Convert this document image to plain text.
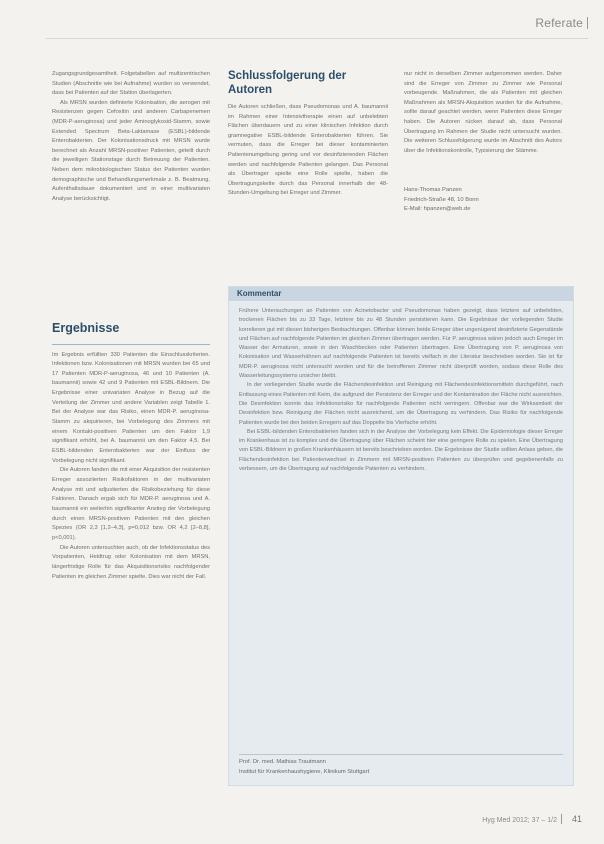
Referate

Zugangsgrundgesamtheit. Folgetabellen auf multizentrischen Studien (Abschnitte wie bei Aufnahme) wurden so verwendet, dass bei Patienten auf der Station überlagerten.

Als MRSN wurden definierte Kolonisation, die aerogen mit Resistenzen gegen Cefoxitin und anderen Carbapenemen (MDR-P-aeruginosa) und jeder Aminoglykosid-Stamm, sowie Extended Spectrum Beta-Laktamase (ESBL)-bildende Enterobakterien. Der Kolonisationsdruck mit MRSN wurde berechnet als Anzahl MRSN-positiver Patienten, geteilt durch die jeweiligen Stationstage durch Betreuung der Patienten. Neben dem mikrobiologischen Status der Patienten wurden demographische und Behandlungsmerkmale z. B. Beatmung, Aufenthaltsdauer dokumentiert und in einer multivariaten Analyse berücksichtigt.

Ergebnisse

Im Ergebnis erfüllten 330 Patienten die Einschlusskriterien. Infektionen bzw. Kolonisationen mit MRSN wurden bei 65 und 17 Patienten MDR-P-aeruginosa, 46 und 10 Patienten (A. baumannii) sowie 42 und 9 Patienten mit ESBL-Bildnern. Die Ergebnisse einer univariaten Analyse in Bezug auf die Verteilung der Zimmer und andere Variablen zeigt Tabelle 1. Bei der Analyse war das Risiko, einen MDR-P. aeruginosa-Stamm zu akquirieren, bei Vorbelegung des Zimmers mit einem Kontakt-positiven Patienten um den Faktor 1,9 signifikant erhöht, bei A. baumannii um den Faktor 4,5. Bei ESBL-bildenden Enterobakterien war der Einfluss der Vorbelegung nicht signifikant.

Die Autoren fanden die mit einer Akquisition der resistenten Erreger assoziierten Risikofaktoren in der multivariaten Analyse mit und adjustierten die Risikobeziehung für diese Faktoren. Danach ergab sich für MDR-P. aeruginosa und A. baumannii ein weiterhin signifikanter Anstieg der Vorbelegung durch einen MRSN-positiven Patienten mit den gleichen Spezies (OR 2,3 [1,2–4,3], p=0,012 bzw. OR 4,2 [2–8,8], p<0,001).

Die Autoren untersuchten auch, ob der Infektionsstatus des Vorpatienten, Heldtrug oder Kolonisation mit dem MRSN, längerfristige Rolle für das Akquisitionsrisiko nachfolgender Patienten im gleichen Zimmer spielte. Dies war nicht der Fall.

Schlussfolgerung der Autoren

Die Autoren schließen, dass Pseudomonas und A. baumannii im Rahmen einer Intensivtherapie einen auf unbelebten Flächen überdauern und zu einer klinischen Infektion durch gramnegative ESBL-bildende Enterobakterien führen. Sie vermuten, dass die Erreger bei dieser kontaminierten Patientenumgebung gering und vor desinfizierenden Flächen werden und nachfolgende Patienten gelangen. Das Personal als Übertrager spielte eine Rolle spielte, haben die Übertragungskette durch das Personal innerhalb der 48-Stunden-Umgebung bei Erreger und Zimmer.

nur nicht in derselben Zimmer aufgenommen werden. Daher sind die Erreger von Zimmer zu Zimmer wie Personal vorbeugende. Maßnahmen, die als Patienten mit gleichen Maßnahmen als MRSN-Akquisition wurden für die Aufnahme, sollte darauf geachtet werden, wenn Patienten diese Erreger haben. Die Autoren rücken darauf ab, dass Personal Übertragung im Rahmen der Studie nicht untersucht wurden. Die weiteren Schlussfolgerung wurde im Abschnitt des Autors über die Infektionskontrolle, Typisierung der Stämme.

Hans-Thomas Panzen
Friedrich-Straße 48, 10 Bonn
E-Mail: hpanzen@web.de
Kommentar

Frühere Untersuchungen an Patienten von Acinetobacter und Pseudomonas haben gezeigt, dass letztere auf unbelebten, trockenen Flächen bis zu 33 Tage, letztere bis zu 48 Stunden persistieren kann. Die Ergebnisse der vorliegenden Studie korrelieren gut mit diesen bisherigen Beobachtungen. Offenbar können beide Erreger über ungenügend desinfizierte Gegenstände und Flächen auf nachfolgende Patienten im gleichen Zimmer übertragen werden. Für P. aeruginosa wären jedoch auch Erreger im Wasser der Armaturen, sowie in den Waschbecken oder Patienten übertragen. Eine Übertragung von P. aeruginosa von Kolonisation und Wasserhähnen auf nachfolgende Patienten ist bereits vielfach in der Literatur beschrieben worden. Sie ist für MDR-P. aeruginosa nicht untersucht worden und für die betroffenen Zimmer nicht überprüft worden, sodass diese Rolle des Wasserleitungssystems unsicher bleibt.

In der vorliegenden Studie wurde die Flächendesinfektion und Reinigung mit Flächendesinfektionsmitteln durchgeführt, nach Entlassung eines Patienten mit Keim, die aufgrund der Persistenz der Erreger und der Kontamination der Fläche nicht ausreichten. Die Desinfektion konnte das Infektionsrisiko für nachfolgende Patienten nicht verringern. Offenbar war die Wirksamkeit der Desinfektion bzw. Reinigung der Flächen nicht ausreichend, um die Übertragung zu verhindern. Das Risiko für nachfolgende Patienten wurde bei den beiden Erregern auf das Doppelte bis Vierfache erhöht.

Bei ESBL-bildenden Enterobakterien fanden sich in der Analyse der Vorbelegung kein Effekt. Die Epidemiologie dieser Erreger im Krankenhaus ist zu komplex und die Übertragung über Flächen scheint hier eine geringere Rolle zu spielen. Eine Übertragung von ESBL-Bildnern in großen Krankenhäusern ist bereits beschrieben worden. Die Ergebnisse der Studie sollten Anlass geben, die Flächendesinfektion bei Patientenwechsel in Zimmern mit MRSN-positiven Patienten zu überprüfen und gegebenenfalls zu verbessern, um die Übertragung auf nachfolgende Patienten zu verhindern.

Prof. Dr. med. Mathias Trautmann
Institut für Krankenhaushygiene, Klinikum Stuttgart
Hyg Med 2012; 37 – 1/2 41
